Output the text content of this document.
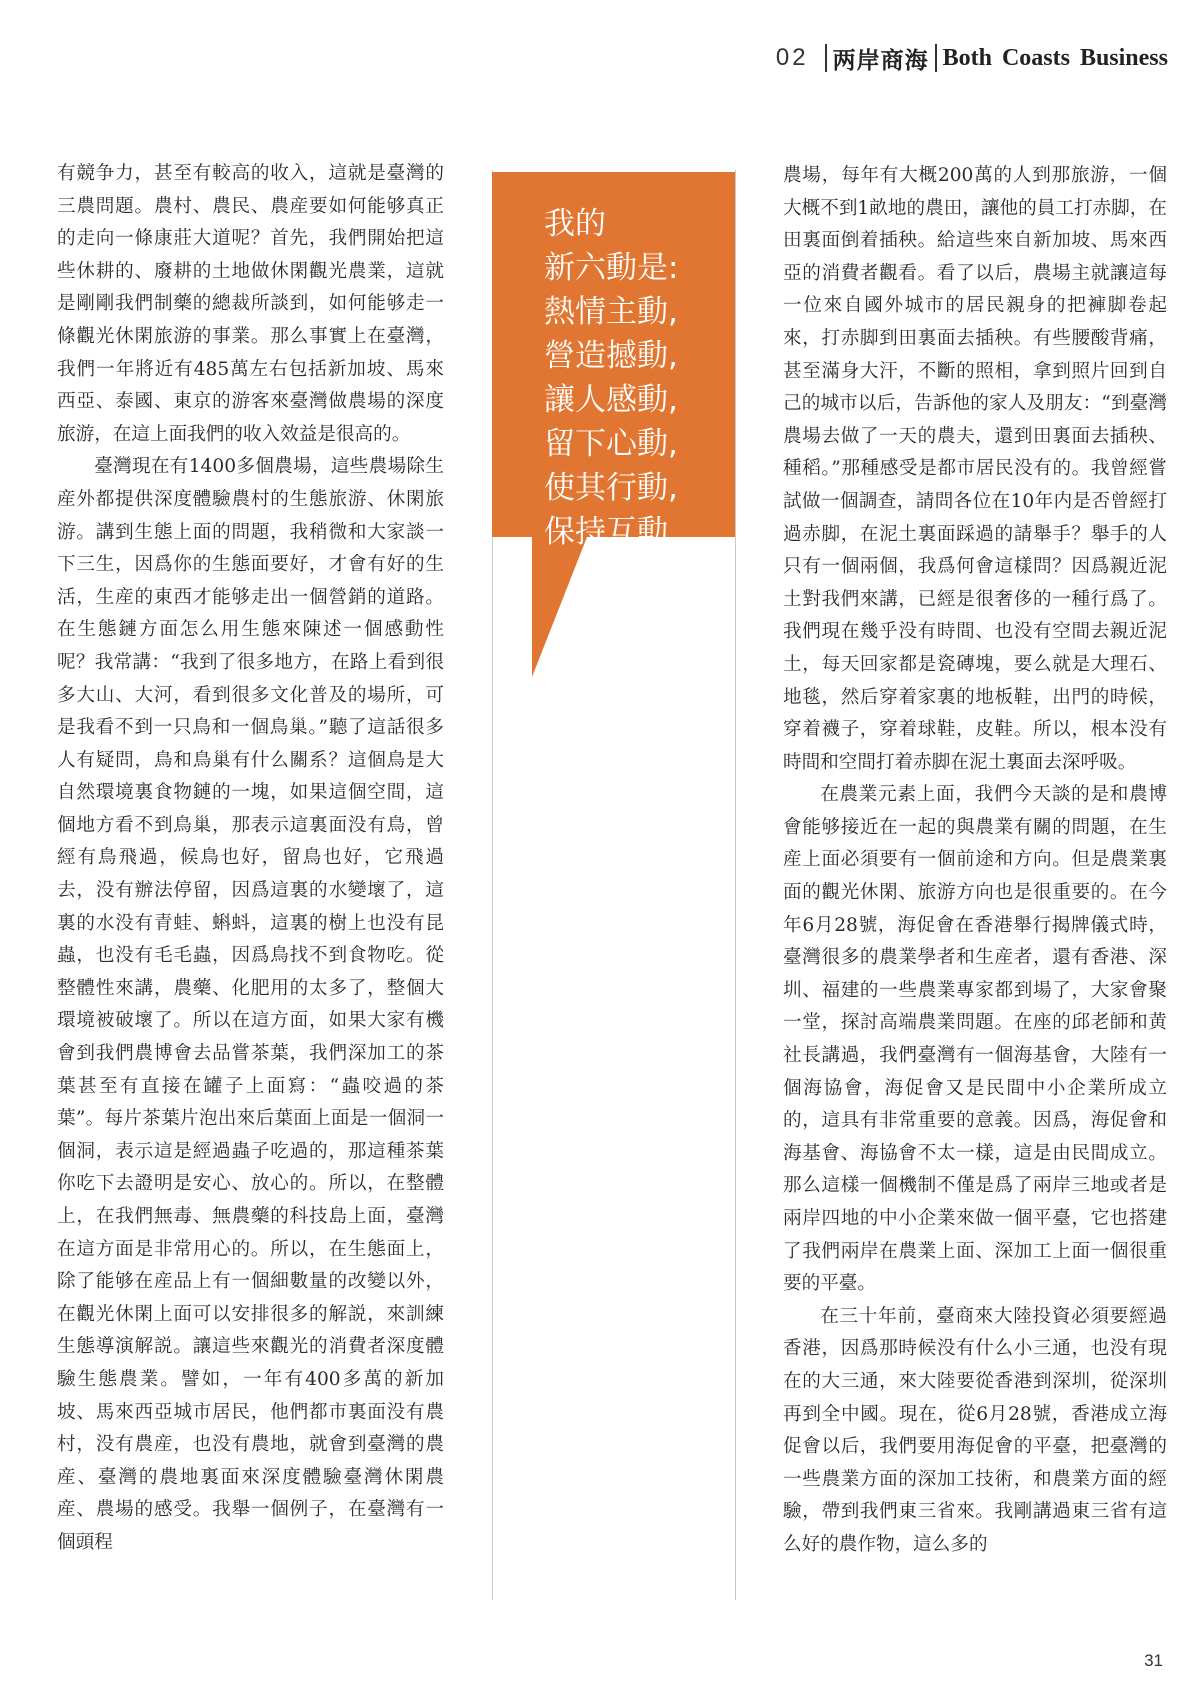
02 两岸商海 Both Coasts Business

有競争力，甚至有較高的收入，這就是臺灣的三農問題。農村、農民、農産要如何能够真正的走向一條康莊大道呢？首先，我們開始把這些休耕的、廢耕的土地做休閑觀光農業，這就是剛剛我們制藥的總裁所談到，如何能够走一條觀光休閑旅游的事業。那么事實上在臺灣，我們一年將近有485萬左右包括新加坡、馬來西亞、泰國、東京的游客來臺灣做農場的深度旅游，在這上面我們的收入效益是很高的。

臺灣現在有1400多個農場，這些農場除生産外都提供深度體驗農村的生態旅游、休閑旅游。講到生態上面的問題，我稍微和大家談一下三生，因爲你的生態面要好，才會有好的生活，生産的東西才能够走出一個營銷的道路。在生態鏈方面怎么用生態來陳述一個感動性呢？我常講：“我到了很多地方，在路上看到很多大山、大河，看到很多文化普及的場所，可是我看不到一只鳥和一個鳥巢。”聽了這話很多人有疑問，鳥和鳥巢有什么關系？這個鳥是大自然環境裏食物鏈的一塊，如果這個空間，這個地方看不到鳥巢，那表示這裏面没有鳥，曾經有鳥飛過，候鳥也好，留鳥也好，它飛過去，没有辦法停留，因爲這裏的水變壞了，這裏的水没有青蛙、蝌蚪，這裏的樹上也没有昆蟲，也没有毛毛蟲，因爲鳥找不到食物吃。從整體性來講，農藥、化肥用的太多了，整個大環境被破壞了。所以在這方面，如果大家有機會到我們農博會去品嘗茶葉，我們深加工的茶葉甚至有直接在罐子上面寫：“蟲咬過的茶葉”。每片茶葉片泡出來后葉面上面是一個洞一個洞，表示這是經過蟲子吃過的，那這種茶葉你吃下去證明是安心、放心的。所以，在整體上，在我們無毒、無農藥的科技島上面，臺灣在這方面是非常用心的。所以，在生態面上，除了能够在産品上有一個細數量的改變以外，在觀光休閑上面可以安排很多的解説，來訓練生態導演解説。讓這些來觀光的消費者深度體驗生態農業。譬如，一年有400多萬的新加坡、馬來西亞城市居民，他們都市裏面没有農村，没有農産，也没有農地，就會到臺灣的農産、臺灣的農地裏面來深度體驗臺灣休閑農産、農場的感受。我舉一個例子，在臺灣有一個頭程

我的
新六動是:
熱情主動,
營造撼動,
讓人感動,
留下心動,
使其行動,
保持互動.

農場，每年有大概200萬的人到那旅游，一個大概不到1畝地的農田，讓他的員工打赤脚，在田裏面倒着插秧。給這些來自新加坡、馬來西亞的消費者觀看。看了以后，農場主就讓這每一位來自國外城市的居民親身的把褲脚卷起來，打赤脚到田裏面去插秧。有些腰酸背痛，甚至滿身大汗，不斷的照相，拿到照片回到自己的城市以后，告訴他的家人及朋友：“到臺灣農場去做了一天的農夫，還到田裏面去插秧、種稻。”那種感受是都市居民没有的。我曾經嘗試做一個調查，請問各位在10年内是否曾經打過赤脚，在泥土裏面踩過的請舉手？舉手的人只有一個兩個，我爲何會這樣問？因爲親近泥土對我們來講，已經是很奢侈的一種行爲了。我們現在幾乎没有時間、也没有空間去親近泥土，每天回家都是瓷磚塊，要么就是大理石、地毯，然后穿着家裏的地板鞋，出門的時候，穿着襪子，穿着球鞋，皮鞋。所以，根本没有時間和空間打着赤脚在泥土裏面去深呼吸。

在農業元素上面，我們今天談的是和農博會能够接近在一起的與農業有關的問題，在生産上面必須要有一個前途和方向。但是農業裏面的觀光休閑、旅游方向也是很重要的。在今年6月28號，海促會在香港舉行揭牌儀式時，臺灣很多的農業學者和生産者，還有香港、深圳、福建的一些農業專家都到場了，大家會聚一堂，探討高端農業問題。在座的邱老師和黄社長講過，我們臺灣有一個海基會，大陸有一個海協會，海促會又是民間中小企業所成立的，這具有非常重要的意義。因爲，海促會和海基會、海協會不太一樣，這是由民間成立。那么這樣一個機制不僅是爲了兩岸三地或者是兩岸四地的中小企業來做一個平臺，它也搭建了我們兩岸在農業上面、深加工上面一個很重要的平臺。

在三十年前，臺商來大陸投資必須要經過香港，因爲那時候没有什么小三通，也没有現在的大三通，來大陸要從香港到深圳，從深圳再到全中國。現在，從6月28號，香港成立海促會以后，我們要用海促會的平臺，把臺灣的一些農業方面的深加工技術，和農業方面的經驗，帶到我們東三省來。我剛講過東三省有這么好的農作物，這么多的

31
